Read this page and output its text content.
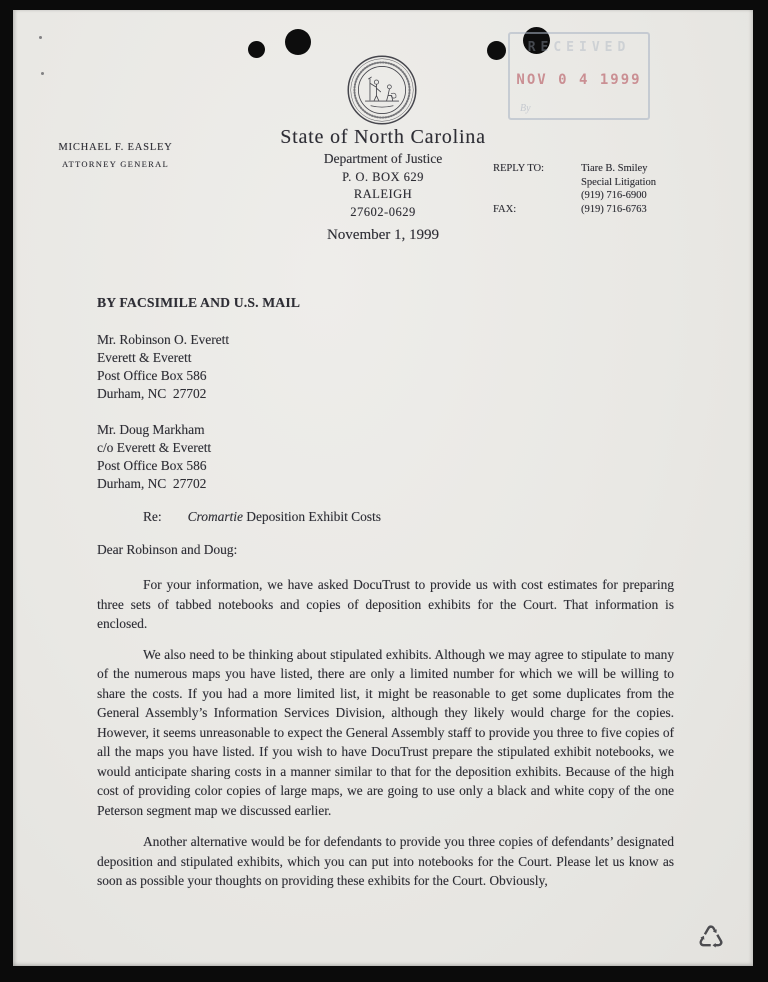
RECEIVED
NOV 0 4 1999
By
MICHAEL F. EASLEY
ATTORNEY GENERAL
State of North Carolina
Department of Justice
P. O. BOX 629
RALEIGH
27602-0629
REPLY TO:	Tiare B. Smiley
Special Litigation
(919) 716-6900
FAX:	(919) 716-6763
November 1, 1999
BY FACSIMILE AND U.S. MAIL
Mr. Robinson O. Everett
Everett & Everett
Post Office Box 586
Durham, NC  27702
Mr. Doug Markham
c/o Everett & Everett
Post Office Box 586
Durham, NC  27702
Re: Cromartie Deposition Exhibit Costs
Dear Robinson and Doug:
For your information, we have asked DocuTrust to provide us with cost estimates for preparing three sets of tabbed notebooks and copies of deposition exhibits for the Court. That information is enclosed.
We also need to be thinking about stipulated exhibits. Although we may agree to stipulate to many of the numerous maps you have listed, there are only a limited number for which we will be willing to share the costs. If you had a more limited list, it might be reasonable to get some duplicates from the General Assembly’s Information Services Division, although they likely would charge for the copies. However, it seems unreasonable to expect the General Assembly staff to provide you three to five copies of all the maps you have listed. If you wish to have DocuTrust prepare the stipulated exhibit notebooks, we would anticipate sharing costs in a manner similar to that for the deposition exhibits. Because of the high cost of providing color copies of large maps, we are going to use only a black and white copy of the one Peterson segment map we discussed earlier.
Another alternative would be for defendants to provide you three copies of defendants’ designated deposition and stipulated exhibits, which you can put into notebooks for the Court. Please let us know as soon as possible your thoughts on providing these exhibits for the Court. Obviously,
♺
